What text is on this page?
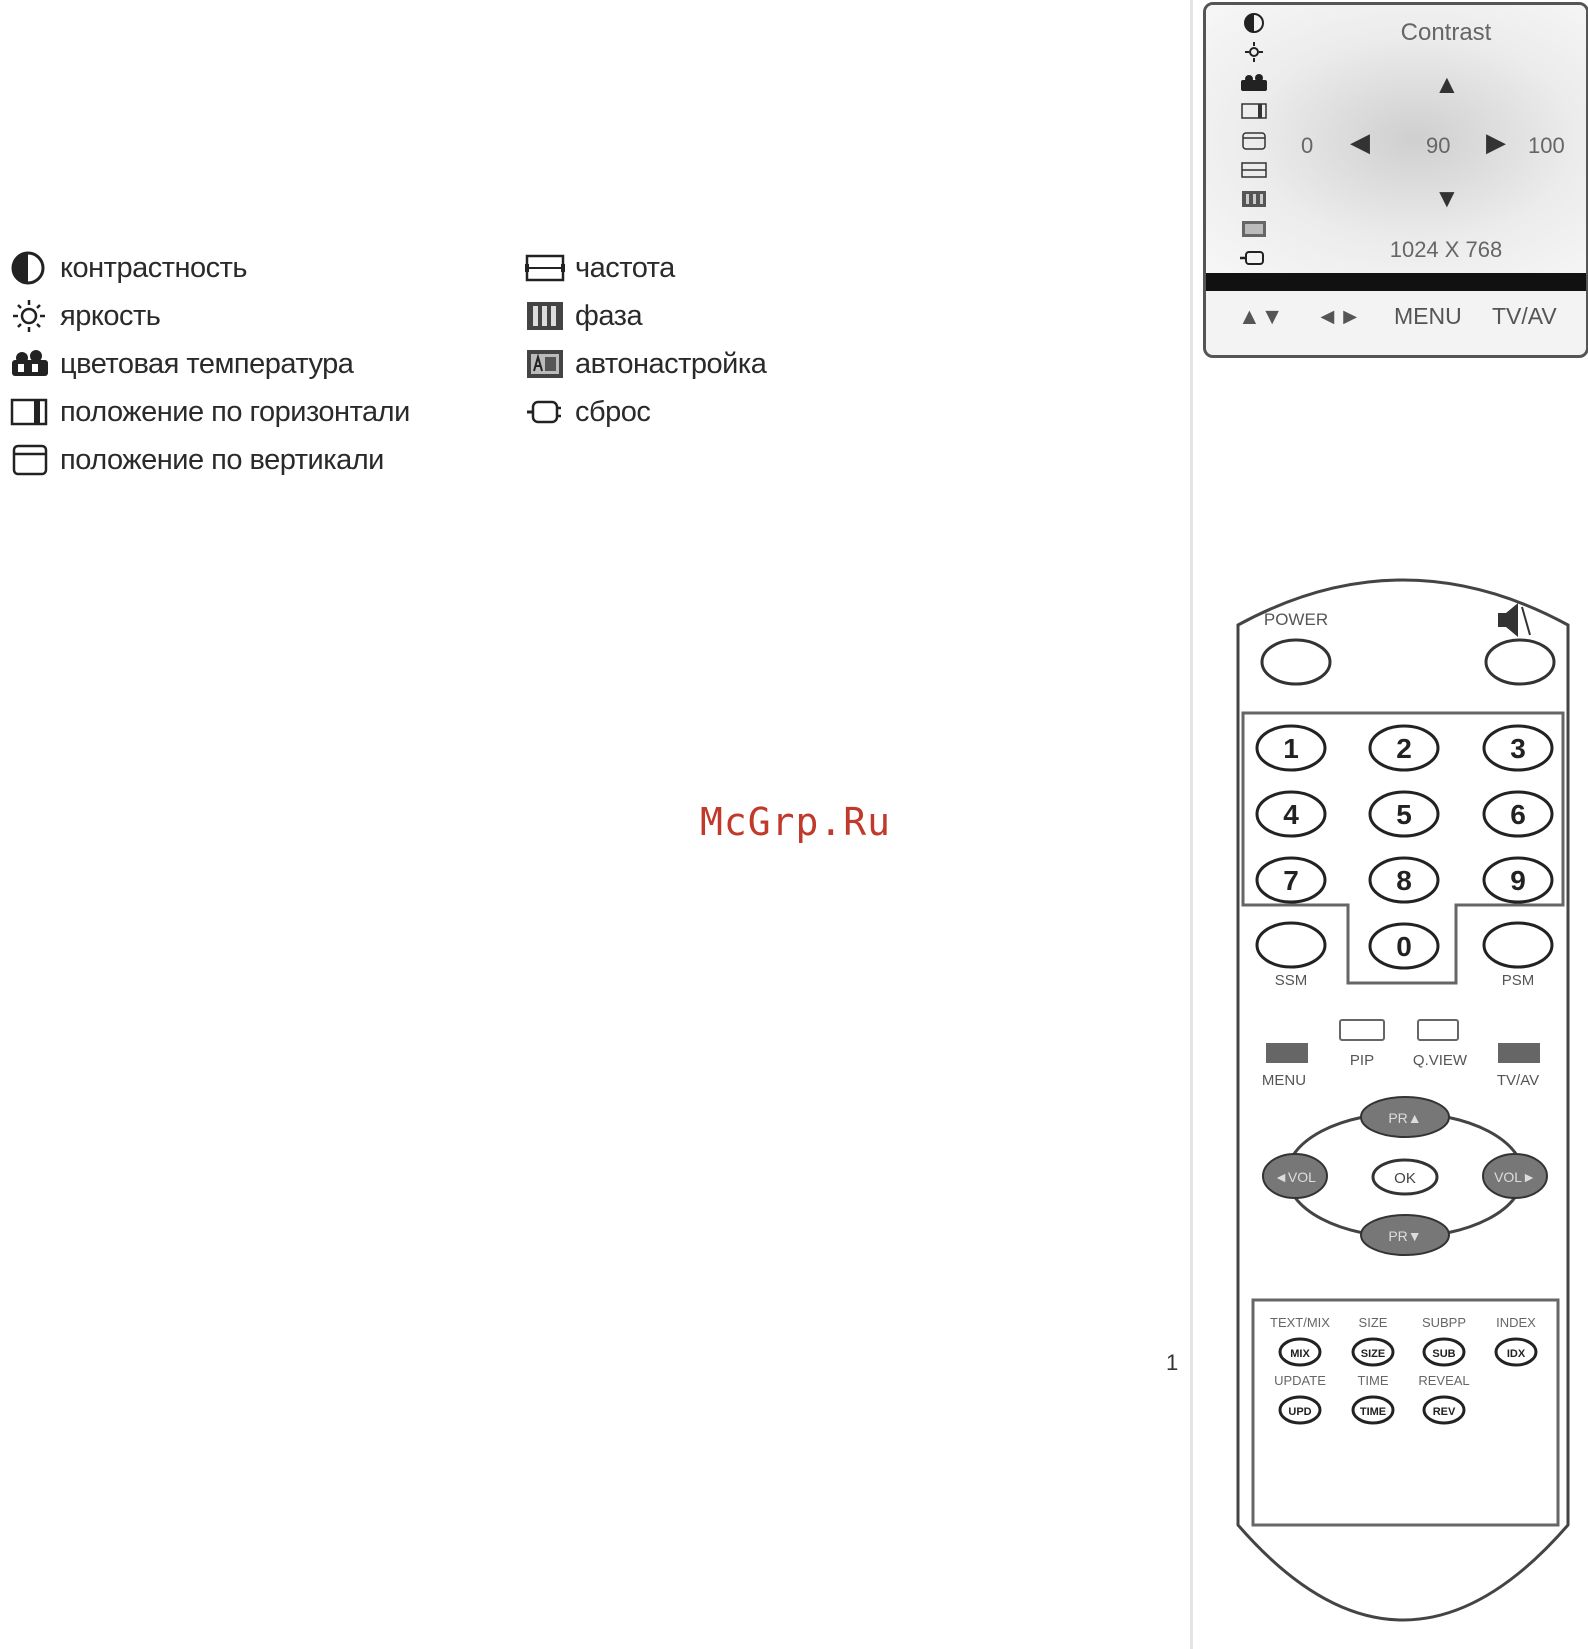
контрастность
яркость
цветовая температура
положение по горизонтали
положение по вертикали
частота
фаза
автонастройка
сброс
Contrast
▲
▼
◀	▶
0	90	100
1024 X 768
▲▼ ◄► MENU TV/AV
POWER
1	2	3
4	5	6
7	8	9
0
SSM	PSM
MENU
PIP	Q.VIEW
TV/AV
PR▲
PR▼
◄VOL	VOL►
OK
TEXT/MIX
MIX
SIZE
SIZE
SUBPP
SUB
INDEX
IDX
UPDATE
UPD
TIME
TIME
REVEAL
REV
McGrp.Ru
1
